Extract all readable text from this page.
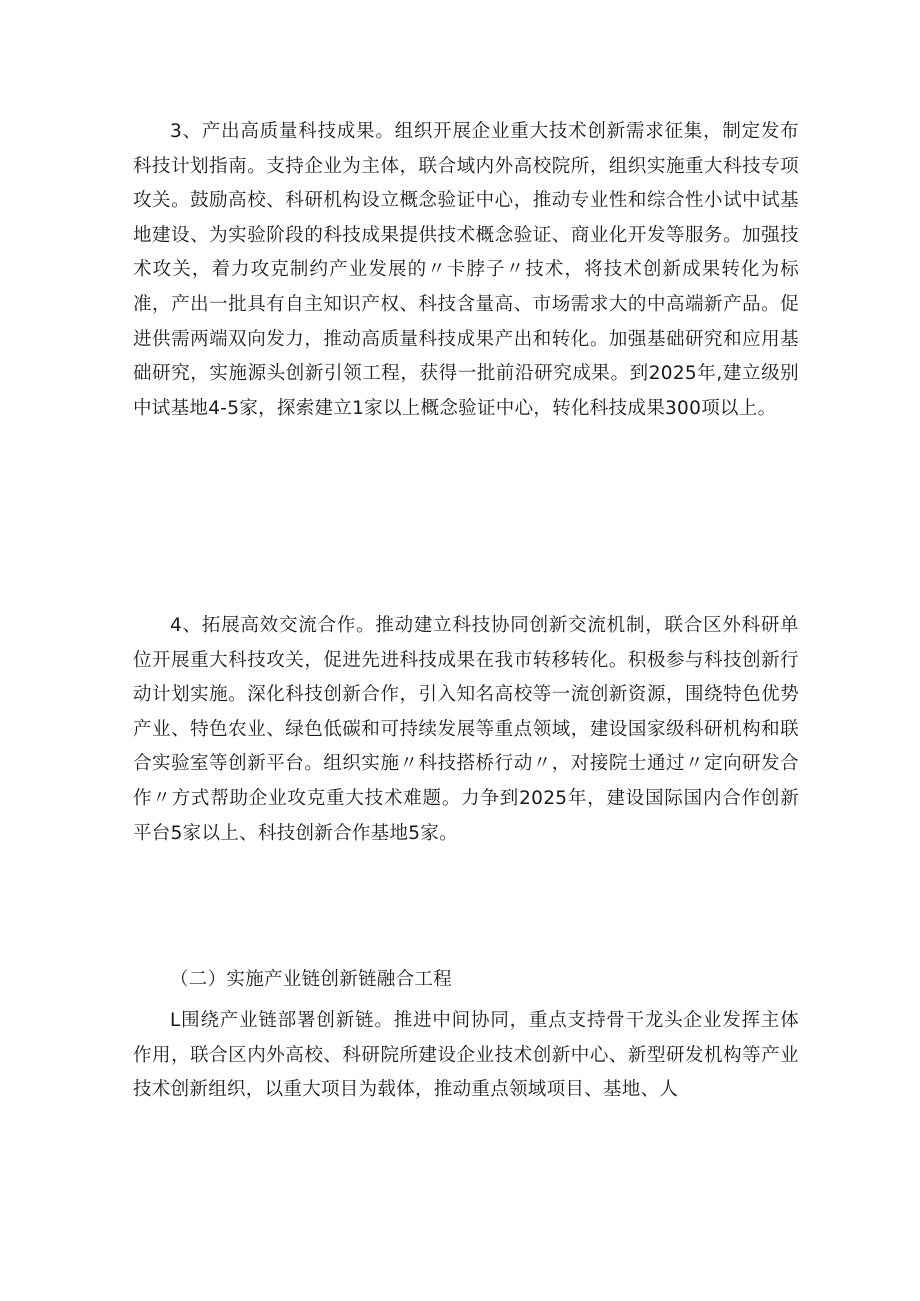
3、产出高质量科技成果。组织开展企业重大技术创新需求征集，制定发布科技计划指南。支持企业为主体，联合域内外高校院所，组织实施重大科技专项攻关。鼓励高校、科研机构设立概念验证中心，推动专业性和综合性小试中试基地建设、为实验阶段的科技成果提供技术概念验证、商业化开发等服务。加强技术攻关，着力攻克制约产业发展的〃卡脖子〃技术，将技术创新成果转化为标准，产出一批具有自主知识产权、科技含量高、市场需求大的中高端新产品。促进供需两端双向发力，推动高质量科技成果产出和转化。加强基础研究和应用基础研究，实施源头创新引领工程，获得一批前沿研究成果。到2025年,建立级别中试基地4-5家，探索建立1家以上概念验证中心，转化科技成果300项以上。

4、拓展高效交流合作。推动建立科技协同创新交流机制，联合区外科研单位开展重大科技攻关，促进先进科技成果在我市转移转化。积极参与科技创新行动计划实施。深化科技创新合作，引入知名高校等一流创新资源，围绕特色优势产业、特色农业、绿色低碳和可持续发展等重点领域，建设国家级科研机构和联合实验室等创新平台。组织实施〃科技搭桥行动〃，对接院士通过〃定向研发合作〃方式帮助企业攻克重大技术难题。力争到2025年，建设国际国内合作创新平台5家以上、科技创新合作基地5家。

（二）实施产业链创新链融合工程

L围绕产业链部署创新链。推进中间协同，重点支持骨干龙头企业发挥主体作用，联合区内外高校、科研院所建设企业技术创新中心、新型研发机构等产业技术创新组织，以重大项目为载体，推动重点领域项目、基地、人
